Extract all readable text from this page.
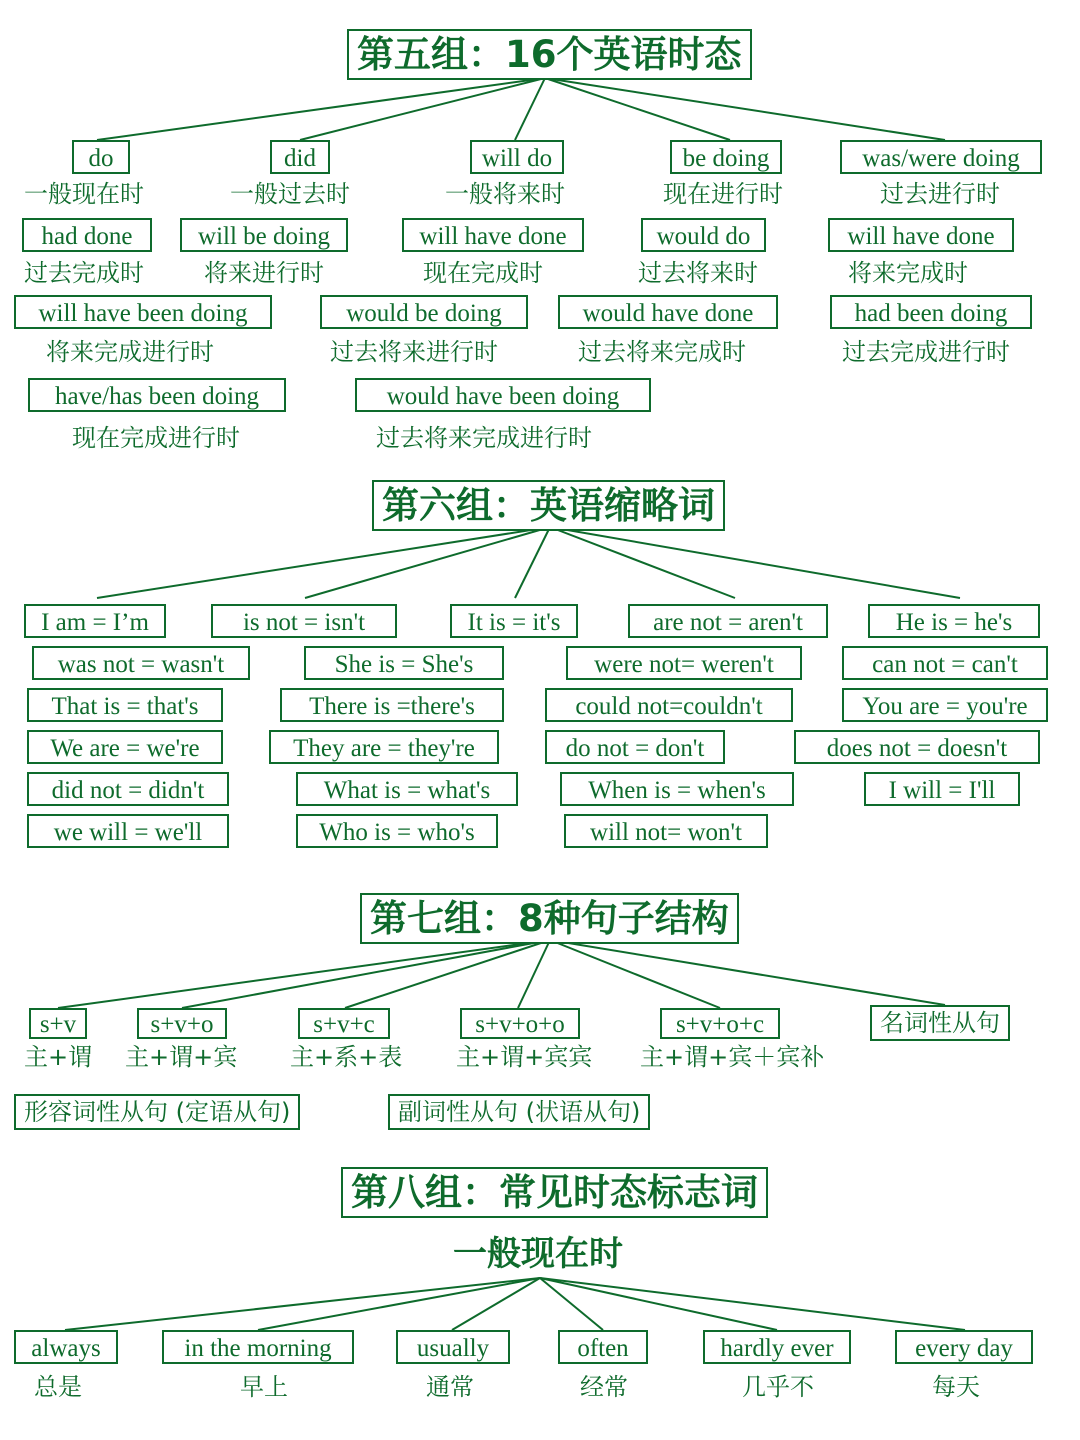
第五组：16个英语时态
do
一般现在时
did
一般过去时
will do
一般将来时
be doing
现在进行时
was/were doing
过去进行时
had done
过去完成时
will be doing
将来进行时
will have done
现在完成时
would do
过去将来时
will have done
将来完成时
will have been doing
将来完成进行时
would be doing
过去将来进行时
would have done
过去将来完成时
had been doing
过去完成进行时
have/has been doing
现在完成进行时
would have been doing
过去将来完成进行时
第六组：英语缩略词
I am = I’m	is not = isn't	It is = it's	are not = aren't	He is = he's
was not = wasn't	She is = She's	were not= weren't	can not = can't
That is = that's	There is =there's	could not=couldn't	You are = you're
We are = we're	They are = they're	do not = don't	does not = doesn't
did not = didn't	What is = what's	When is = when's	I will = I'll
we will = we'll	Who is = who's	will not= won't
第七组：8种句子结构
s+v
主+谓
s+v+o
主+谓+宾
s+v+c
主+系+表
s+v+o+o
主+谓+宾宾
s+v+o+c
主+谓+宾＋宾补
名词性从句
形容词性从句 (定语从句)	副词性从句 (状语从句)
第八组：常见时态标志词
一般现在时
always
总是
in the morning
早上
usually
通常
often
经常
hardly ever
几乎不
every day
每天
